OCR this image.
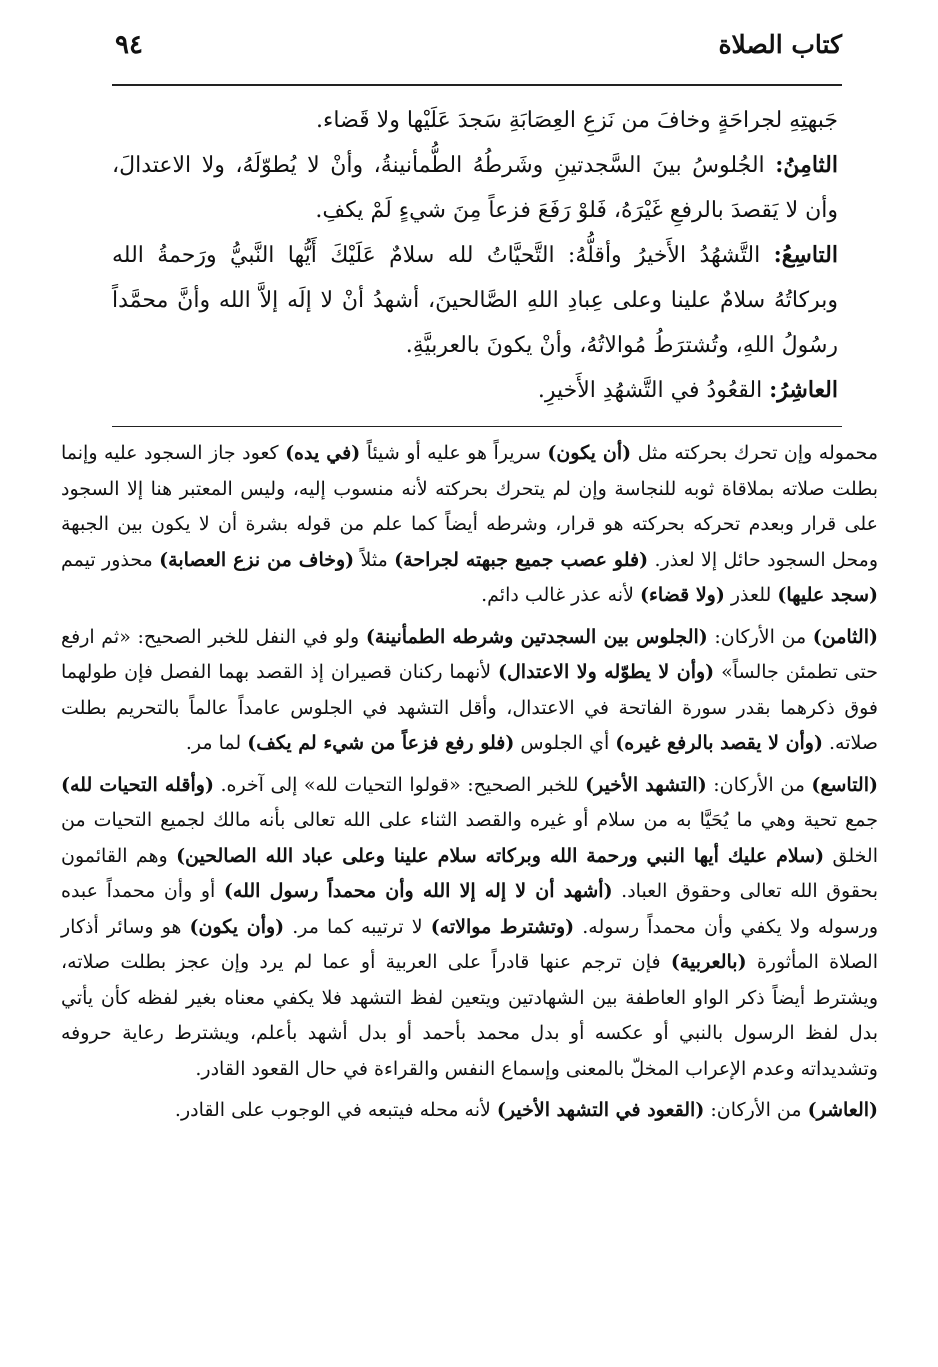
كتاب الصلاة
٩٤

جَبهتِهِ لجراحَةٍ وخافَ من نَزعِ العِصَابَةِ سَجدَ عَلَيْها ولا قَضاء.

الثامِنُ: الجُلوسُ بينَ السَّجدتينِ وشَرطُهُ الطُّمأنينةُ، وأنْ لا يُطوّلَهُ، ولا الاعتدالَ، وأن لا يَقصدَ بالرفعِ غَيْرَهُ، فَلوْ رَفَعَ فزعاً مِنَ شيءٍ لَمْ يكفِ.

التاسِعُ: التَّشهُدُ الأَخيرُ وأقلُّهُ: التَّحيَّاتُ لله سلامٌ عَلَيْكَ أَيُّها النَّبيُّ ورَحمةُ الله وبركاتُهُ سلامٌ علينا وعلى عِبادِ اللهِ الصَّالحينَ، أشهدُ أنْ لا إلَه إلاَّ الله وأنَّ محمَّداً رسُولُ اللهِ، وتُشترَطُ مُوالاتُهُ، وأنْ يكونَ بالعربيَّةِ.

العاشِرُ: القعُودُ في التَّشهُدِ الأَخيرِ.

محموله وإن تحرك بحركته مثل (أن يكون) سريراً هو عليه أو شيئاً (في يده) كعود جاز السجود عليه وإنما بطلت صلاته بملاقاة ثوبه للنجاسة وإن لم يتحرك بحركته لأنه منسوب إليه، وليس المعتبر هنا إلا السجود على قرار وبعدم تحركه بحركته هو قرار، وشرطه أيضاً كما علم من قوله بشرة أن لا يكون بين الجبهة ومحل السجود حائل إلا لعذر. (فلو عصب جميع جبهته لجراحة) مثلاً (وخاف من نزع العصابة) محذور تيمم (سجد عليها) للعذر (ولا قضاء) لأنه عذر غالب دائم.

(الثامن) من الأركان: (الجلوس بين السجدتين وشرطه الطمأنينة) ولو في النفل للخبر الصحيح: «ثم ارفع حتى تطمئن جالساً» (وأن لا يطوّله ولا الاعتدال) لأنهما ركنان قصيران إذ القصد بهما الفصل فإن طولهما فوق ذكرهما بقدر سورة الفاتحة في الاعتدال، وأقل التشهد في الجلوس عامداً عالماً بالتحريم بطلت صلاته. (وأن لا يقصد بالرفع غيره) أي الجلوس (فلو رفع فزعاً من شيء لم يكف) لما مر.

(التاسع) من الأركان: (التشهد الأخير) للخبر الصحيح: «قولوا التحيات لله» إلى آخره. (وأقله التحيات لله) جمع تحية وهي ما يُحَيَّا به من سلام أو غيره والقصد الثناء على الله تعالى بأنه مالك لجميع التحيات من الخلق (سلام عليك أيها النبي ورحمة الله وبركاته سلام علينا وعلى عباد الله الصالحين) وهم القائمون بحقوق الله تعالى وحقوق العباد. (أشهد أن لا إله إلا الله وأن محمداً رسول الله) أو وأن محمداً عبده ورسوله ولا يكفي وأن محمداً رسوله. (وتشترط موالاته) لا ترتيبه كما مر. (وأن يكون) هو وسائر أذكار الصلاة المأثورة (بالعربية) فإن ترجم عنها قادراً على العربية أو عما لم يرد وإن عجز بطلت صلاته، ويشترط أيضاً ذكر الواو العاطفة بين الشهادتين ويتعين لفظ التشهد فلا يكفي معناه بغير لفظه كأن يأتي بدل لفظ الرسول بالنبي أو عكسه أو بدل محمد بأحمد أو بدل أشهد بأعلم، ويشترط رعاية حروفه وتشديداته وعدم الإعراب المخلّ بالمعنى وإسماع النفس والقراءة في حال القعود القادر.

(العاشر) من الأركان: (القعود في التشهد الأخير) لأنه محله فيتبعه في الوجوب على القادر.
